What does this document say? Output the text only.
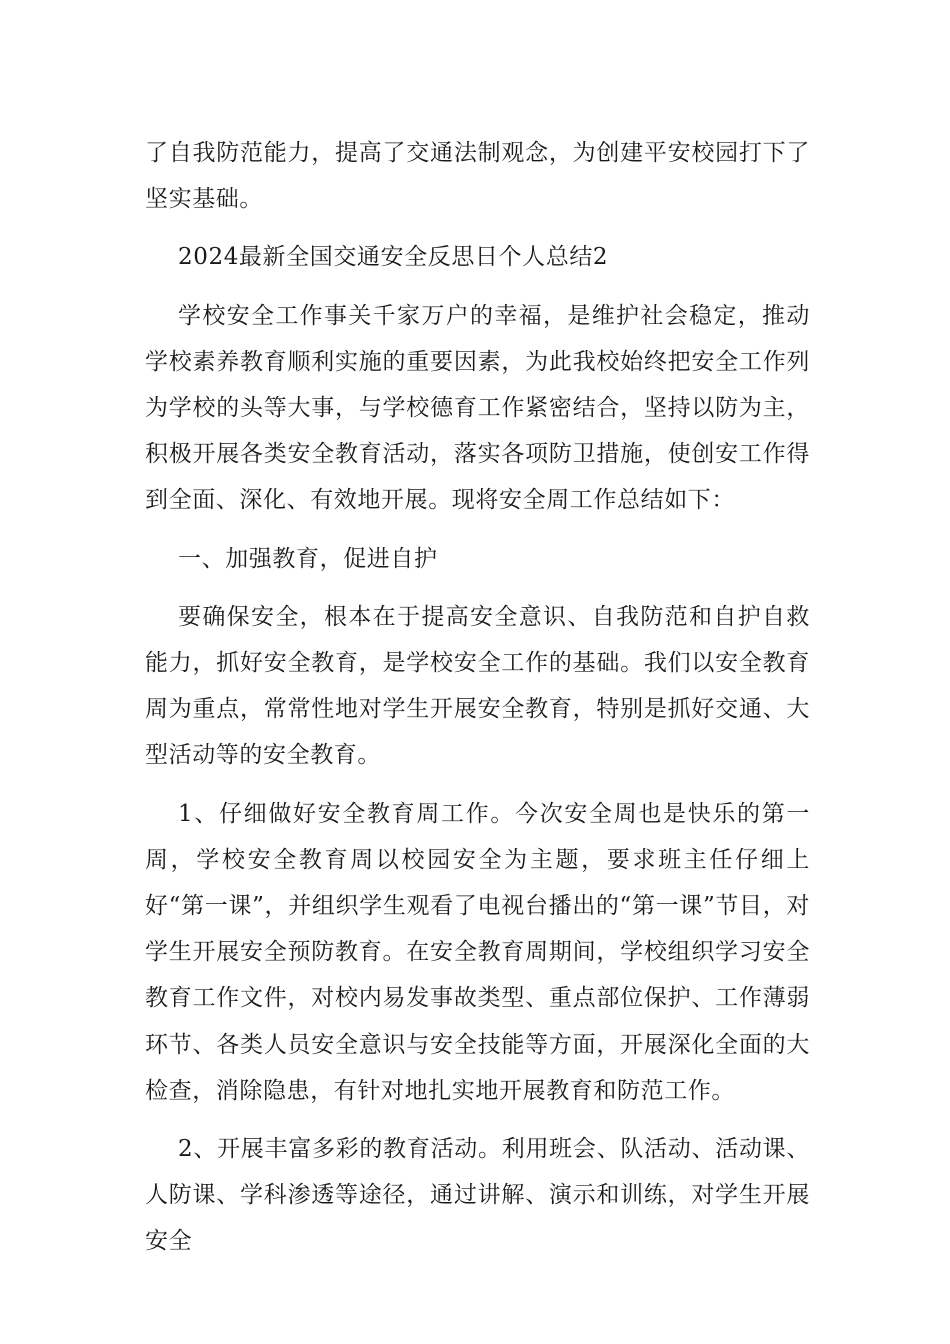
了自我防范能力，提高了交通法制观念，为创建平安校园打下了坚实基础。

2024最新全国交通安全反思日个人总结2

学校安全工作事关千家万户的幸福，是维护社会稳定，推动学校素养教育顺利实施的重要因素，为此我校始终把安全工作列为学校的头等大事，与学校德育工作紧密结合，坚持以防为主，积极开展各类安全教育活动，落实各项防卫措施，使创安工作得到全面、深化、有效地开展。现将安全周工作总结如下：

一、加强教育，促进自护

要确保安全，根本在于提高安全意识、自我防范和自护自救能力，抓好安全教育，是学校安全工作的基础。我们以安全教育周为重点，常常性地对学生开展安全教育，特别是抓好交通、大型活动等的安全教育。

1、仔细做好安全教育周工作。今次安全周也是快乐的第一周，学校安全教育周以校园安全为主题，要求班主任仔细上好“第一课”，并组织学生观看了电视台播出的“第一课”节目，对学生开展安全预防教育。在安全教育周期间，学校组织学习安全教育工作文件，对校内易发事故类型、重点部位保护、工作薄弱环节、各类人员安全意识与安全技能等方面，开展深化全面的大检查，消除隐患，有针对地扎实地开展教育和防范工作。

2、开展丰富多彩的教育活动。利用班会、队活动、活动课、人防课、学科渗透等途径，通过讲解、演示和训练，对学生开展安全
